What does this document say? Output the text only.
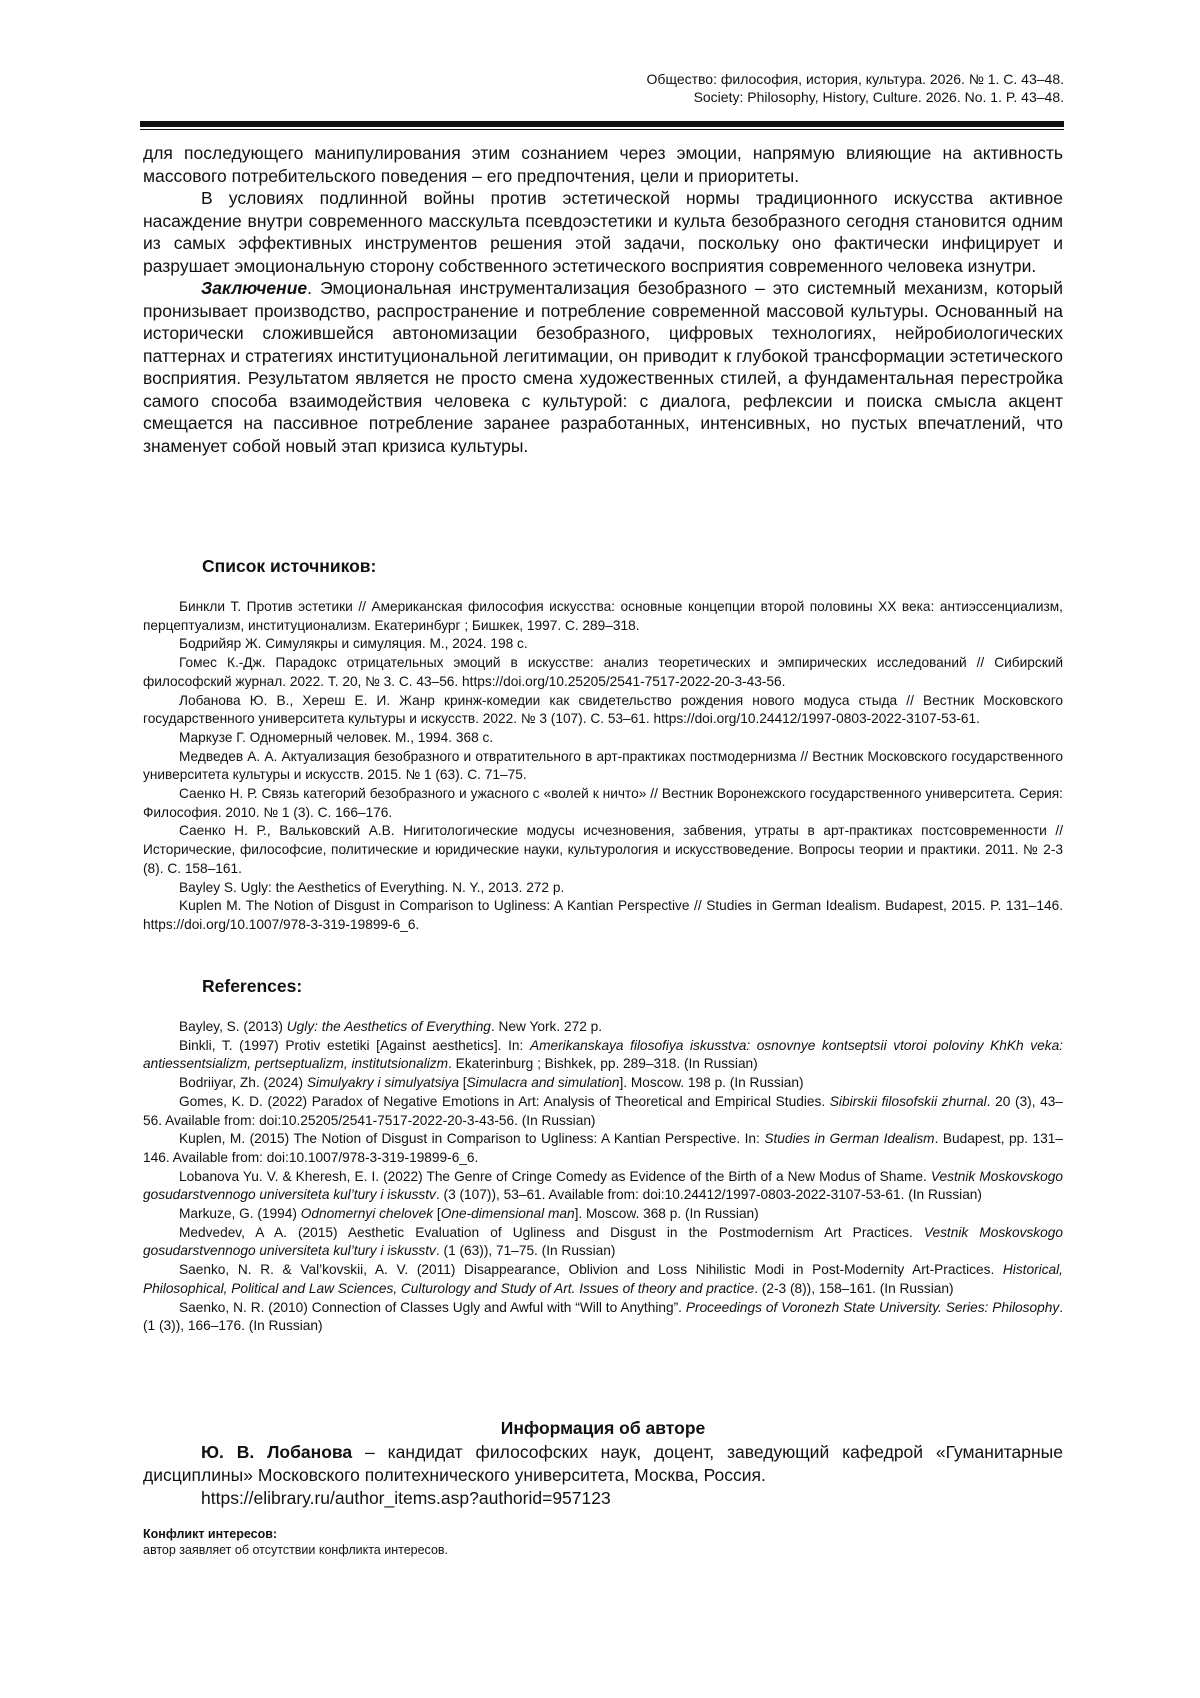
Общество: философия, история, культура. 2026. № 1. С. 43–48.
Society: Philosophy, History, Culture. 2026. No. 1. P. 43–48.

для последующего манипулирования этим сознанием через эмоции, напрямую влияющие на активность массового потребительского поведения – его предпочтения, цели и приоритеты.

В условиях подлинной войны против эстетической нормы традиционного искусства активное насаждение внутри современного масскульта псевдоэстетики и культа безобразного сегодня становится одним из самых эффективных инструментов решения этой задачи, поскольку оно фактически инфицирует и разрушает эмоциональную сторону собственного эстетического восприятия современного человека изнутри.

Заключение. Эмоциональная инструментализация безобразного – это системный механизм, который пронизывает производство, распространение и потребление современной массовой культуры. Основанный на исторически сложившейся автономизации безобразного, цифровых технологиях, нейробиологических паттернах и стратегиях институциональной легитимации, он приводит к глубокой трансформации эстетического восприятия. Результатом является не просто смена художественных стилей, а фундаментальная перестройка самого способа взаимодействия человека с культурой: с диалога, рефлексии и поиска смысла акцент смещается на пассивное потребление заранее разработанных, интенсивных, но пустых впечатлений, что знаменует собой новый этап кризиса культуры.

Список источников:

Бинкли Т. Против эстетики // Американская философия искусства: основные концепции второй половины XX века: антиэссенциализм, перцептуализм, институционализм. Екатеринбург ; Бишкек, 1997. С. 289–318.

Бодрийяр Ж. Симулякры и симуляция. М., 2024. 198 с.

Гомес К.-Дж. Парадокс отрицательных эмоций в искусстве: анализ теоретических и эмпирических исследований // Сибирский философский журнал. 2022. Т. 20, № 3. С. 43–56. https://doi.org/10.25205/2541-7517-2022-20-3-43-56.

Лобанова Ю. В., Хереш Е. И. Жанр кринж-комедии как свидетельство рождения нового модуса стыда // Вестник Московского государственного университета культуры и искусств. 2022. № 3 (107). С. 53–61. https://doi.org/10.24412/1997-0803-2022-3107-53-61.

Маркузе Г. Одномерный человек. М., 1994. 368 с.

Медведев А. А. Актуализация безобразного и отвратительного в арт-практиках постмодернизма // Вестник Московского государственного университета культуры и искусств. 2015. № 1 (63). С. 71–75.

Саенко Н. Р. Связь категорий безобразного и ужасного с «волей к ничто» // Вестник Воронежского государственного университета. Серия: Философия. 2010. № 1 (3). С. 166–176.

Саенко Н. Р., Вальковский А.В. Нигитологические модусы исчезновения, забвения, утраты в арт-практиках постсовременности // Исторические, философсие, политические и юридические науки, культурология и искусствоведение. Вопросы теории и практики. 2011. № 2-3 (8). С. 158–161.

Bayley S. Ugly: the Aesthetics of Everything. N. Y., 2013. 272 p.

Kuplen M. The Notion of Disgust in Comparison to Ugliness: A Kantian Perspective // Studies in German Idealism. Budapest, 2015. P. 131–146. https://doi.org/10.1007/978-3-319-19899-6_6.

References:

Bayley, S. (2013) Ugly: the Aesthetics of Everything. New York. 272 p.

Binkli, T. (1997) Protiv estetiki [Against aesthetics]. In: Amerikanskaya filosofiya iskusstva: osnovnye kontseptsii vtoroi poloviny KhKh veka: antiessentsializm, pertseptualizm, institutsionalizm. Ekaterinburg ; Bishkek, pp. 289–318. (In Russian)

Bodriiyar, Zh. (2024) Simulyakry i simulyatsiya [Simulacra and simulation]. Moscow. 198 p. (In Russian)

Gomes, K. D. (2022) Paradox of Negative Emotions in Art: Analysis of Theoretical and Empirical Studies. Sibirskii filosofskii zhurnal. 20 (3), 43–56. Available from: doi:10.25205/2541-7517-2022-20-3-43-56. (In Russian)

Kuplen, M. (2015) The Notion of Disgust in Comparison to Ugliness: A Kantian Perspective. In: Studies in German Idealism. Budapest, pp. 131–146. Available from: doi:10.1007/978-3-319-19899-6_6.

Lobanova Yu. V. & Kheresh, E. I. (2022) The Genre of Cringe Comedy as Evidence of the Birth of a New Modus of Shame. Vestnik Moskovskogo gosudarstvennogo universiteta kul’tury i iskusstv. (3 (107)), 53–61. Available from: doi:10.24412/1997-0803-2022-3107-53-61. (In Russian)

Markuze, G. (1994) Odnomernyi chelovek [One-dimensional man]. Moscow. 368 p. (In Russian)

Medvedev, A A. (2015) Aesthetic Evaluation of Ugliness and Disgust in the Postmodernism Art Practices. Vestnik Moskovskogo gosudarstvennogo universiteta kul’tury i iskusstv. (1 (63)), 71–75. (In Russian)

Saenko, N. R. & Val’kovskii, A. V. (2011) Disappearance, Oblivion and Loss Nihilistic Modi in Post-Modernity Art-Practices. Historical, Philosophical, Political and Law Sciences, Culturology and Study of Art. Issues of theory and practice. (2-3 (8)), 158–161. (In Russian)

Saenko, N. R. (2010) Connection of Classes Ugly and Awful with “Will to Anything”. Proceedings of Voronezh State University. Series: Philosophy. (1 (3)), 166–176. (In Russian)

Информация об авторе

Ю. В. Лобанова – кандидат философских наук, доцент, заведующий кафедрой «Гуманитарные дисциплины» Московского политехнического университета, Москва, Россия.

https://elibrary.ru/author_items.asp?authorid=957123

Конфликт интересов:
автор заявляет об отсутствии конфликта интересов.
